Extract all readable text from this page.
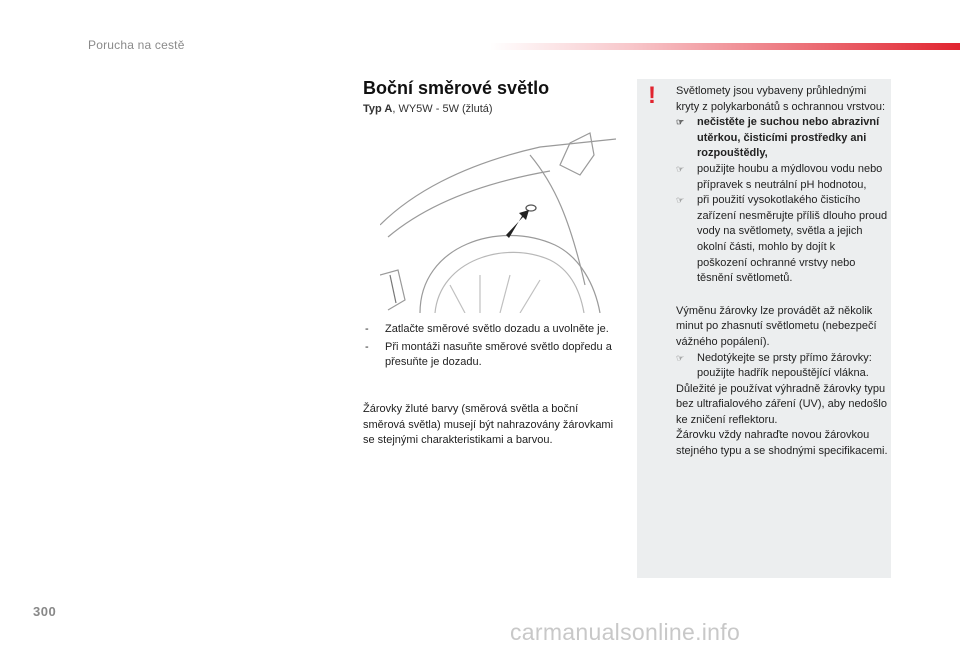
Porucha na cestě
Boční směrové světlo
Typ A, WY5W - 5W (žlutá)
- Zatlačte směrové světlo dozadu a uvolněte je.
- Při montáži nasuňte směrové světlo dopředu a přesuňte je dozadu.
Žárovky žluté barvy (směrová světla a boční směrová světla) musejí být nahrazovány žárovkami se stejnými charakteristikami a barvou.
! Světlomety jsou vybaveny průhlednými kryty z polykarbonátů s ochrannou vrstvou:

☞ nečistěte je suchou nebo abrazivní utěrkou, čisticími prostředky ani rozpouštědly,
☞ použijte houbu a mýdlovou vodu nebo přípravek s neutrální pH hodnotou,
☞ při použití vysokotlakého čisticího zařízení nesměrujte příliš dlouho proud vody na světlomety, světla a jejich okolní části, mohlo by dojít k poškození ochranné vrstvy nebo těsnění světlometů.

Výměnu žárovky lze provádět až několik minut po zhasnutí světlometu (nebezpečí vážného popálení).

☞ Nedotýkejte se prsty přímo žárovky: použijte hadřík nepouštějící vlákna.

Důležité je používat výhradně žárovky typu bez ultrafialového záření (UV), aby nedošlo ke zničení reflektoru.

Žárovku vždy nahraďte novou žárovkou stejného typu a se shodnými specifikacemi.

300
carmanualsonline.info
